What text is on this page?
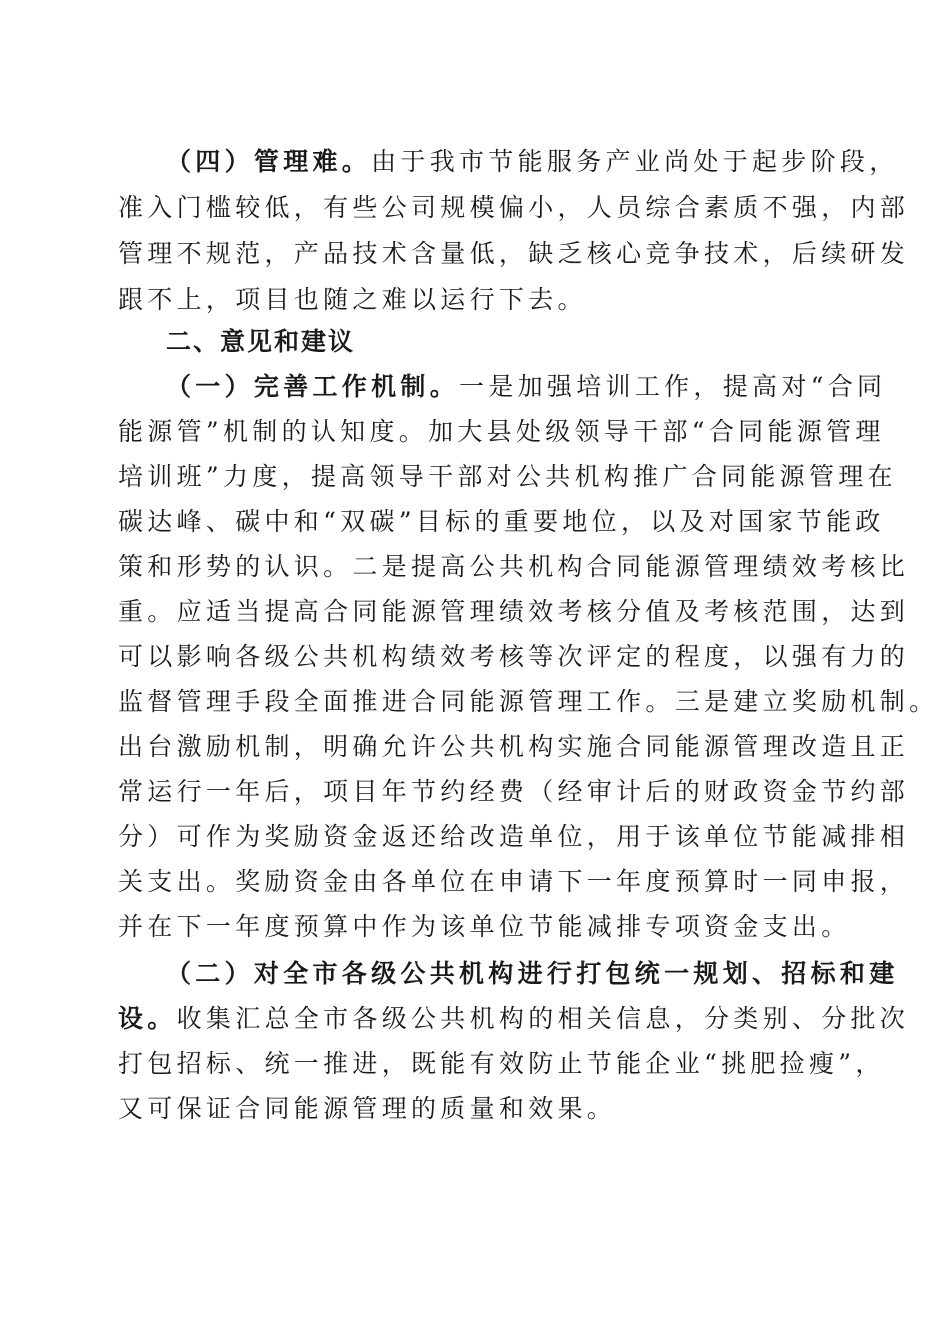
（四）管理难。由于我市节能服务产业尚处于起步阶段，
准入门槛较低，有些公司规模偏小，人员综合素质不强，内部
管理不规范，产品技术含量低，缺乏核心竞争技术，后续研发
跟不上，项目也随之难以运行下去。
二、意见和建议
（一）完善工作机制。一是加强培训工作，提高对“合同
能源管”机制的认知度。加大县处级领导干部“合同能源管理
培训班”力度，提高领导干部对公共机构推广合同能源管理在
碳达峰、碳中和“双碳”目标的重要地位，以及对国家节能政
策和形势的认识。二是提高公共机构合同能源管理绩效考核比
重。应适当提高合同能源管理绩效考核分值及考核范围，达到
可以影响各级公共机构绩效考核等次评定的程度，以强有力的
监督管理手段全面推进合同能源管理工作。三是建立奖励机制。
出台激励机制，明确允许公共机构实施合同能源管理改造且正
常运行一年后，项目年节约经费（经审计后的财政资金节约部
分）可作为奖励资金返还给改造单位，用于该单位节能减排相
关支出。奖励资金由各单位在申请下一年度预算时一同申报，
并在下一年度预算中作为该单位节能减排专项资金支出。
（二）对全市各级公共机构进行打包统一规划、招标和建
设。收集汇总全市各级公共机构的相关信息，分类别、分批次
打包招标、统一推进，既能有效防止节能企业“挑肥捡瘦”，
又可保证合同能源管理的质量和效果。
